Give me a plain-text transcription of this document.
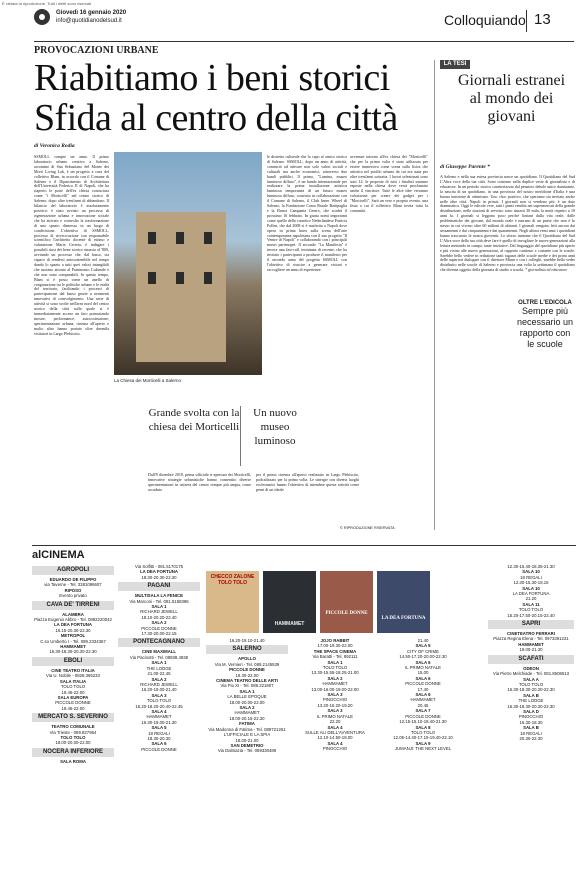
È vietata la riproduzione. Tutti i diritti sono riservati
Giovedì 16 gennaio 2020
info@quotidianodelsud.it	Colloquiando 13
PROVOCAZIONI URBANE
Riabitiamo i beni storici
Sfida al centro della città
di Veronica Rodia
SSMOLL compie un anno. Il primo laboratorio urbano creativo a Salerno, acronimo di San Sebastiano del Monte dei Morti Living Lab, è un progetto a cura del collettivo Blam, in accordo con il Comune di Salerno e il Dipartimento di Architettura dell'Università Federico II di Napoli, che ha riaperto le porte dell'ex chiesa conosciuta come "i Morticelli" nel centro storico di Salerno, dopo oltre trent'anni di abbandono. Il bilancio del laboratorio è assolutamente positivo: è stato avviato un processo di rigenerazione urbana e innovazione sociale che ha attivato e coinvolto la trasformazione di uno spazio dismesso in un luogo di condivisione. L'obiettivo di SSMOLL, processo di ricerca-azione con responsabile scientifico l'architetto docente di estimo e valutazione Maria Cerreta, è indagare i possibili riusi dei bene storico rimasto al '800, avviando un processo che, dal basso, sia capace di rendersi autosostenibile nel tempo dando lo spazio a tutti quei valori intangibili che ruotano attorno al Patrimonio Culturale e che non sono computabili. In questo tempo, Blam si è posto come un anello di congiunzione tra le politiche urbane e le realtà del territorio, facilitando i processi di partecipazione dal basso grazie a strumenti innovativi di coinvolgimento. Una serie di attività si sono svolte nell'area nord del centro storico della città sulla quale si è immediatamente acceso un faro potenziando mostre, performance, autocostruzione, sperimentazione urbana, cinema all'aperto e molto altro hanno portato oltre duemila visitatori in Largo Plebiscito.
La Chiesa dei Morticelli a Salerno
Grande svolta con la chiesa dei Morticelli
Un nuovo museo luminoso
Dall'8 dicembre 2018, prima ufficiale ri-apertura dei Morticelli, innovative strategie urbanistiche hanno consentito diverse sperimentazioni in un'area del centro sempre più ampia, come accaduto
per il primo cinema all'aperto realizzato in Largo Plebiscito, podcalizzato per la prima volta. Le sinergie con diversi luoghi ecclesiastici hanno l'obiettivo di intendere queste attività come perni di un ideale
le distretto culturale che fa capo al centro storico di Salerno. SSMOLL, dopo un anno di attività, cominciò ad attivare non solo valori sociali e culturali ma anche economici, attraverso due bandi pubblici. Il primo, "Lumina, museo luminoso diffuso", è un bando internazionale per realizzare la prima installazione artistica luminosa temporanea di un futuro museo luminoso diffuso, costruito in collaborazione con il Comune di Salerno, il Club Inner Wheel di Salerno, la Fondazione Cassa Rurale Battipaglia e la Banca Campania Centro, che scadrà il prossimo 16 febbraio. In giuria nomi importanti come quello della curatrice Nederlandese Patricia Pollen, che dal 2008 si è trasferita a Napoli dove opera in prima linea sulla scena dell'arte contemporanea napoletana con il suo progetto "Il Ventre di Napoli" e collaborando con i principali musei partenopei. Il secondo "La Manifesta" è invece una fast-call, terminata di recente, che ha invitato i partecipanti a produrre il manifesto per il secondo anno del progetto SSMOLL con l'obiettivo di riuscire a generare visioni e raccogliere un anno di esperienze.
avvenute intorno all'ex chiesa dei "Morticelli" che per la prima volta è stata utilizzata per essere immersiva come scena sulla fisica che artistica nel profilo urbano da cui era stata per oltre trent'anni sottratta. I lavori selezionati sono stati 12: le proposte di tutti i finalisti saranno esposte nella chiesa dove verrà proclamato anche il vincitore. Tutte le altre idee verranno valorizzate per creare dei gadget per i "Morticelli". Sarà un vero e proprio evento, una festa a cui il collettivo Blam invita tutta la comunità.
© RIPRODUZIONE RISERVATA
LA TESI
Giornali estranei al mondo dei giovani
di Giuseppe Parente *
A Salerno e nella sua estesa provincia nasce un quotidiano. Il Quotidiano del Sud L'Altra voce della tua città. Sono contento nella duplice veste di giornalista e di educatore. In un periodo storico caratterizzato dal pensiero debole unico dominante, la nascita di un quotidiano, in una provincia del nostro meridione d'Italia è una buona iniezione di ottimismo. Uno choc positivo, che speriamo sia invitato anche nelle altre città. Napoli in primis. I giornali non si vendono più: è un dato drammatico. Oggi le edicole vere, tutti i punti vendita nei supermercati della grande distribuzione, nelle stazioni di servizio sono rimasti 30 mila, la metà rispetto a 10 anni fa. I giornali si leggono poco perché lontani dalla vita reale, dalle problematiche dei giovani, dal mondo reale e narrano di un paese che non è lo stesso in cui vivono oltre 60 milioni di abitanti. I giornali vengono letti ancora dai sessantenni e dai cinquantenni e dai quarantenni. Negli ultimi venti anni i quotidiani hanno trascurato la nostra gioventù. Lo sforzo immane che il Quotidiano del Sud L'Altra voce della tua città deve fare è quello di invogliare le nuove generazioni alla lettura mettendo in campo, tante iniziative. Dal linguaggio del quotidiano più aperto e più vicino alle nuove generazioni, al rapporto continuo e costante con le scuole. Sarebbe bello vedere in redazione tanti ragazzi delle scuole medie e dei primi anni delle superiori dialogare con il direttore Minni e con i colleghi, sarebbe bello veder distribuito nelle scuole di Salerno e provincia una volta la settimana il quotidiano che diventa oggetto della giornata di studio a scuola. * giornalista ed educatore
OLTRE L'EDICOLA
Sempre più necessario un rapporto con le scuole
alCINEMA
AGROPOLI
EDUARDO DE FILIPPO
via Taverne - Tel. 3381096607
RIPOSO
Evento privato
CAVA DE' TIRRENI
ALAMBRA
Piazza Eugenio Abbro - Tel. 0892220042
LA DEA FORTUNA
16.15-20.30-22.30
METROPOL
C.so Umberto I - Tel. 089.2334367
HAMMAMET
16.30-18.30-20.30-22.30
EBOLI
CINE TEATRO ITALIA
Via U. Nobile - 0828.365233
SALA ITALIA
TOLO TOLO
19.45-22.00
SALA EUROPA
PICCOLE DONNE
19.45-22.00
MERCATO S. SEVERINO
TEATRO COMUNALE
Via Trieste - 089.827964
TOLO TOLO
18.00-20.00-22.00
NOCERA INFERIORE
SALA ROMA
Via Solfitti - 081.5170175
LA DEA FORTUNA
18.30-20.30-22.30
PAGANI
MULTISALA LA FENICE
Via Marconi - Tel. 081.5158396
SALA 1
RICHARD JEWELL
18.10-20.20-22.40
SALA 2
PICCOLE DONNE
17.30-20.00-22.15
PONTECAGNANO
CINE MAXIMALL
Via Pacinotti - Tel. 08938.4938
SALA 1
THE LODGE
21.00-22.45
SALA 2
RICHARD JEWELL
16.20-19.00-21.40
SALA 3
TOLO TOLO
16.20-18.20-20.40-22.45
SALA 4
HAMMAMET
16.30-19.00-21.30
SALA 5
18 REGALI
18.30-20.30
SALA 6
PICCOLE DONNE
CHECCO ZALONE TOLO TOLO
HAMMAMET
PICCOLE DONNE
LA DEA FORTUNA
16.20-19.10-21.40
SALERNO
APOLLO
Via M. Vernieri - Tel. 089.2145539
PICCOLE DONNE
19.30-22.00
CINEMA TEATRO DELLE ARTI
Via Pio XI - Tel. 089.221807
SALA 1
LA BELLE EPOQUE
18.00-20.00-22.00
SALA 2
HAMMAMET
18.00-20.15-22.30
FATIMA
Via Madonna di Fatima - Tel. 089721261
L'UFFICIALE E LA SPIA
18.00-21.00
SAN DEMETRIO
Via Dalmazia - Tel. 089330489
JOJO RABBIT
17.00-19.30-22.00
THE SPACE CINEMA
Via Baratti - Tel. 892111
SALA 1
TOLO TOLO
13.30-15.55-18.25-21.00
SALA 2
HAMMAMET
13.00-16.00-19.00-22.00
SALA 3
PINOCCHIO
13.20-16.20-19.20
SALA 3
IL PRIMO NATALE
22.20
SALA 4
SULLE ALI DELL'AVVENTURA
12.10-14.50-18.00
SALA 4
PINOCCHIO
21.40
SALA 5
CITY OF CRIME
14.50-17.20-20.00-22.30
SALA 6
IL PRIMO NATALE
15.00
SALA 6
PICCOLE DONNE
17.40
SALA 6
HAMMAMET
20.45
SALA 7
PICCOLE DONNE
12.15-15.10-18.40-21.30
SALA 8
TOLO TOLO
12.05-14.40-17.15-19.40-22.10
SALA 9
JUMANJI: THE NEXT LEVEL
12.30-15.40-18.35-21.30
SALA 10
18 REGALI
12.30-15.30-18.15
SALA 10
LA DEA FORTUNA
21.20
SALA 11
TOLO TOLO
15.20-17.50-20.15-22.40
SAPRI
CINETEATRO FERRARI
Piazza Regina Elena - Tel. 0973391231
HAMMAMET
19.00-21.30
SCAFATI
ODEON
Via Pietro Melchiade - Tel. 081.8506513
SALA A
TOLO TOLO
16.30-18.30-20.30-22.30
SALA B
THE LODGE
16.30-18.30-20.30-22.30
SALA D
PINOCCHIO
16.30-18.30
SALA B
18 REGALI
20.30-22.30
